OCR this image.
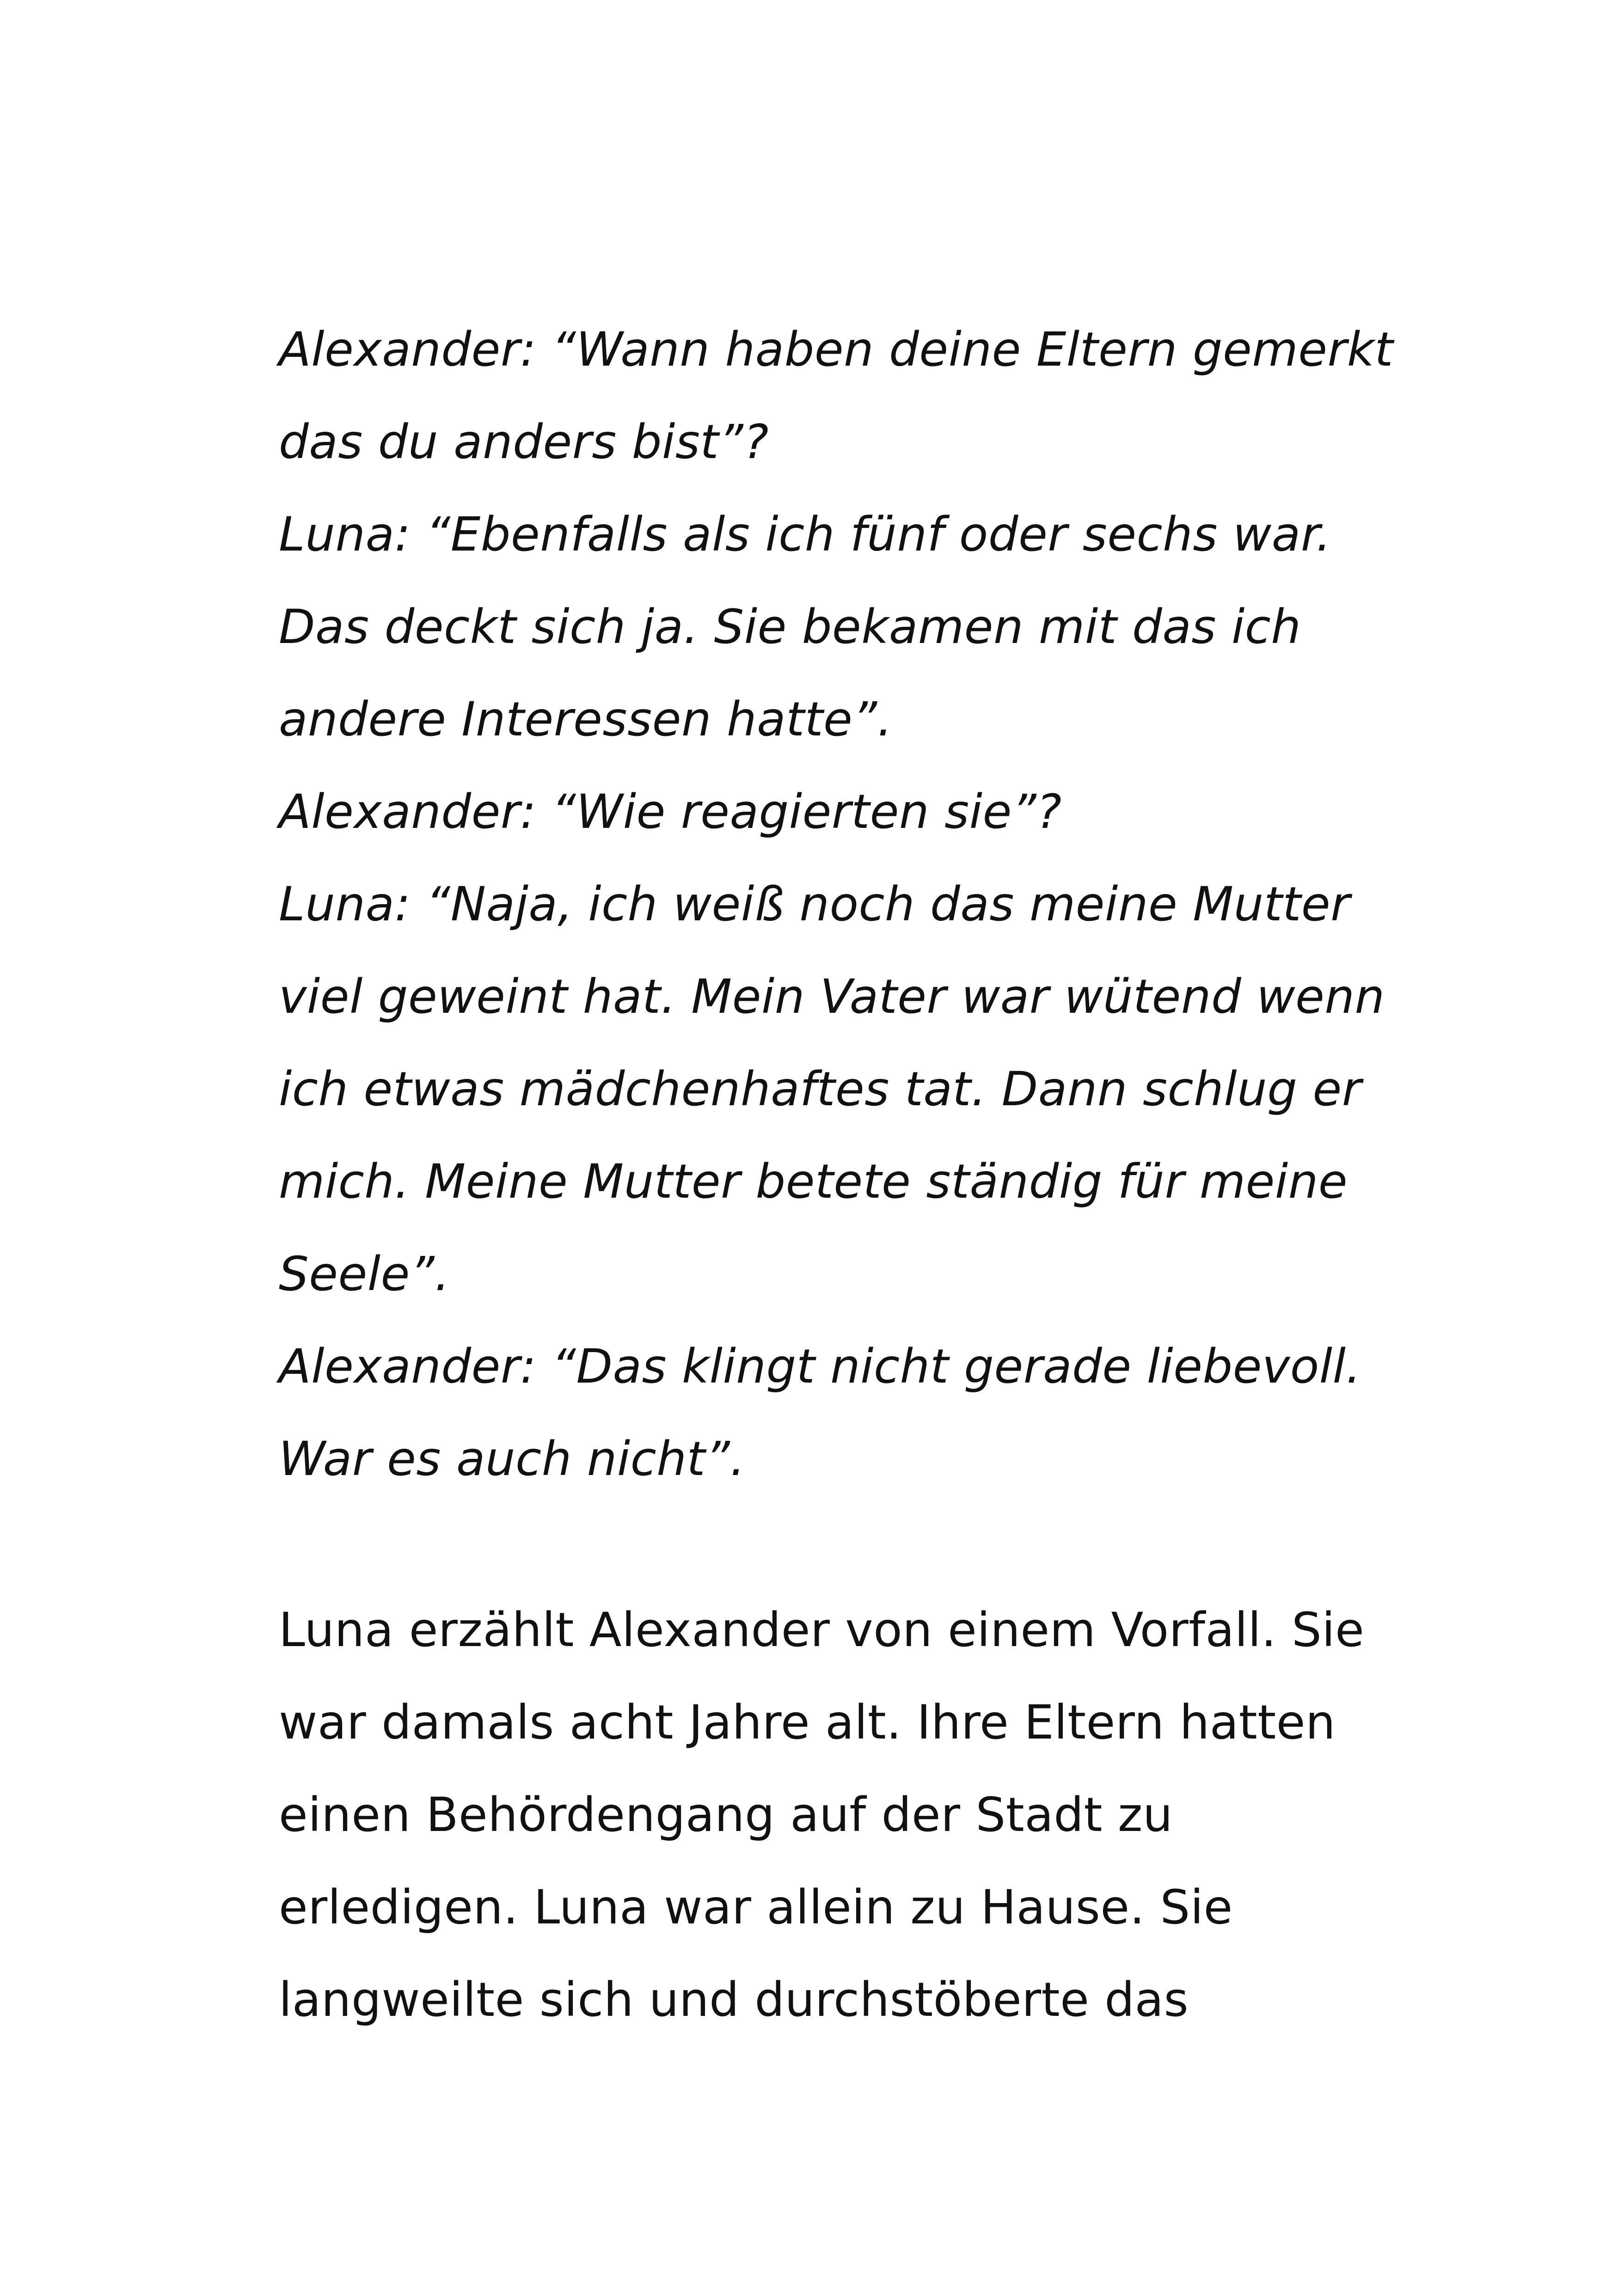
Alexander: “Wann haben deine Eltern gemerkt
das du anders bist”?
Luna: “Ebenfalls als ich fünf oder sechs war.
Das deckt sich ja. Sie bekamen mit das ich
andere Interessen hatte”.
Alexander: “Wie reagierten sie”?
Luna: “Naja, ich weiß noch das meine Mutter
viel geweint hat. Mein Vater war wütend wenn
ich etwas mädchenhaftes tat. Dann schlug er
mich. Meine Mutter betete ständig für meine
Seele”.
Alexander: “Das klingt nicht gerade liebevoll.
War es auch nicht”.
Luna erzählt Alexander von einem Vorfall. Sie
war damals acht Jahre alt. Ihre Eltern hatten
einen Behördengang auf der Stadt zu
erledigen. Luna war allein zu Hause. Sie
langweilte sich und durchstöberte das
